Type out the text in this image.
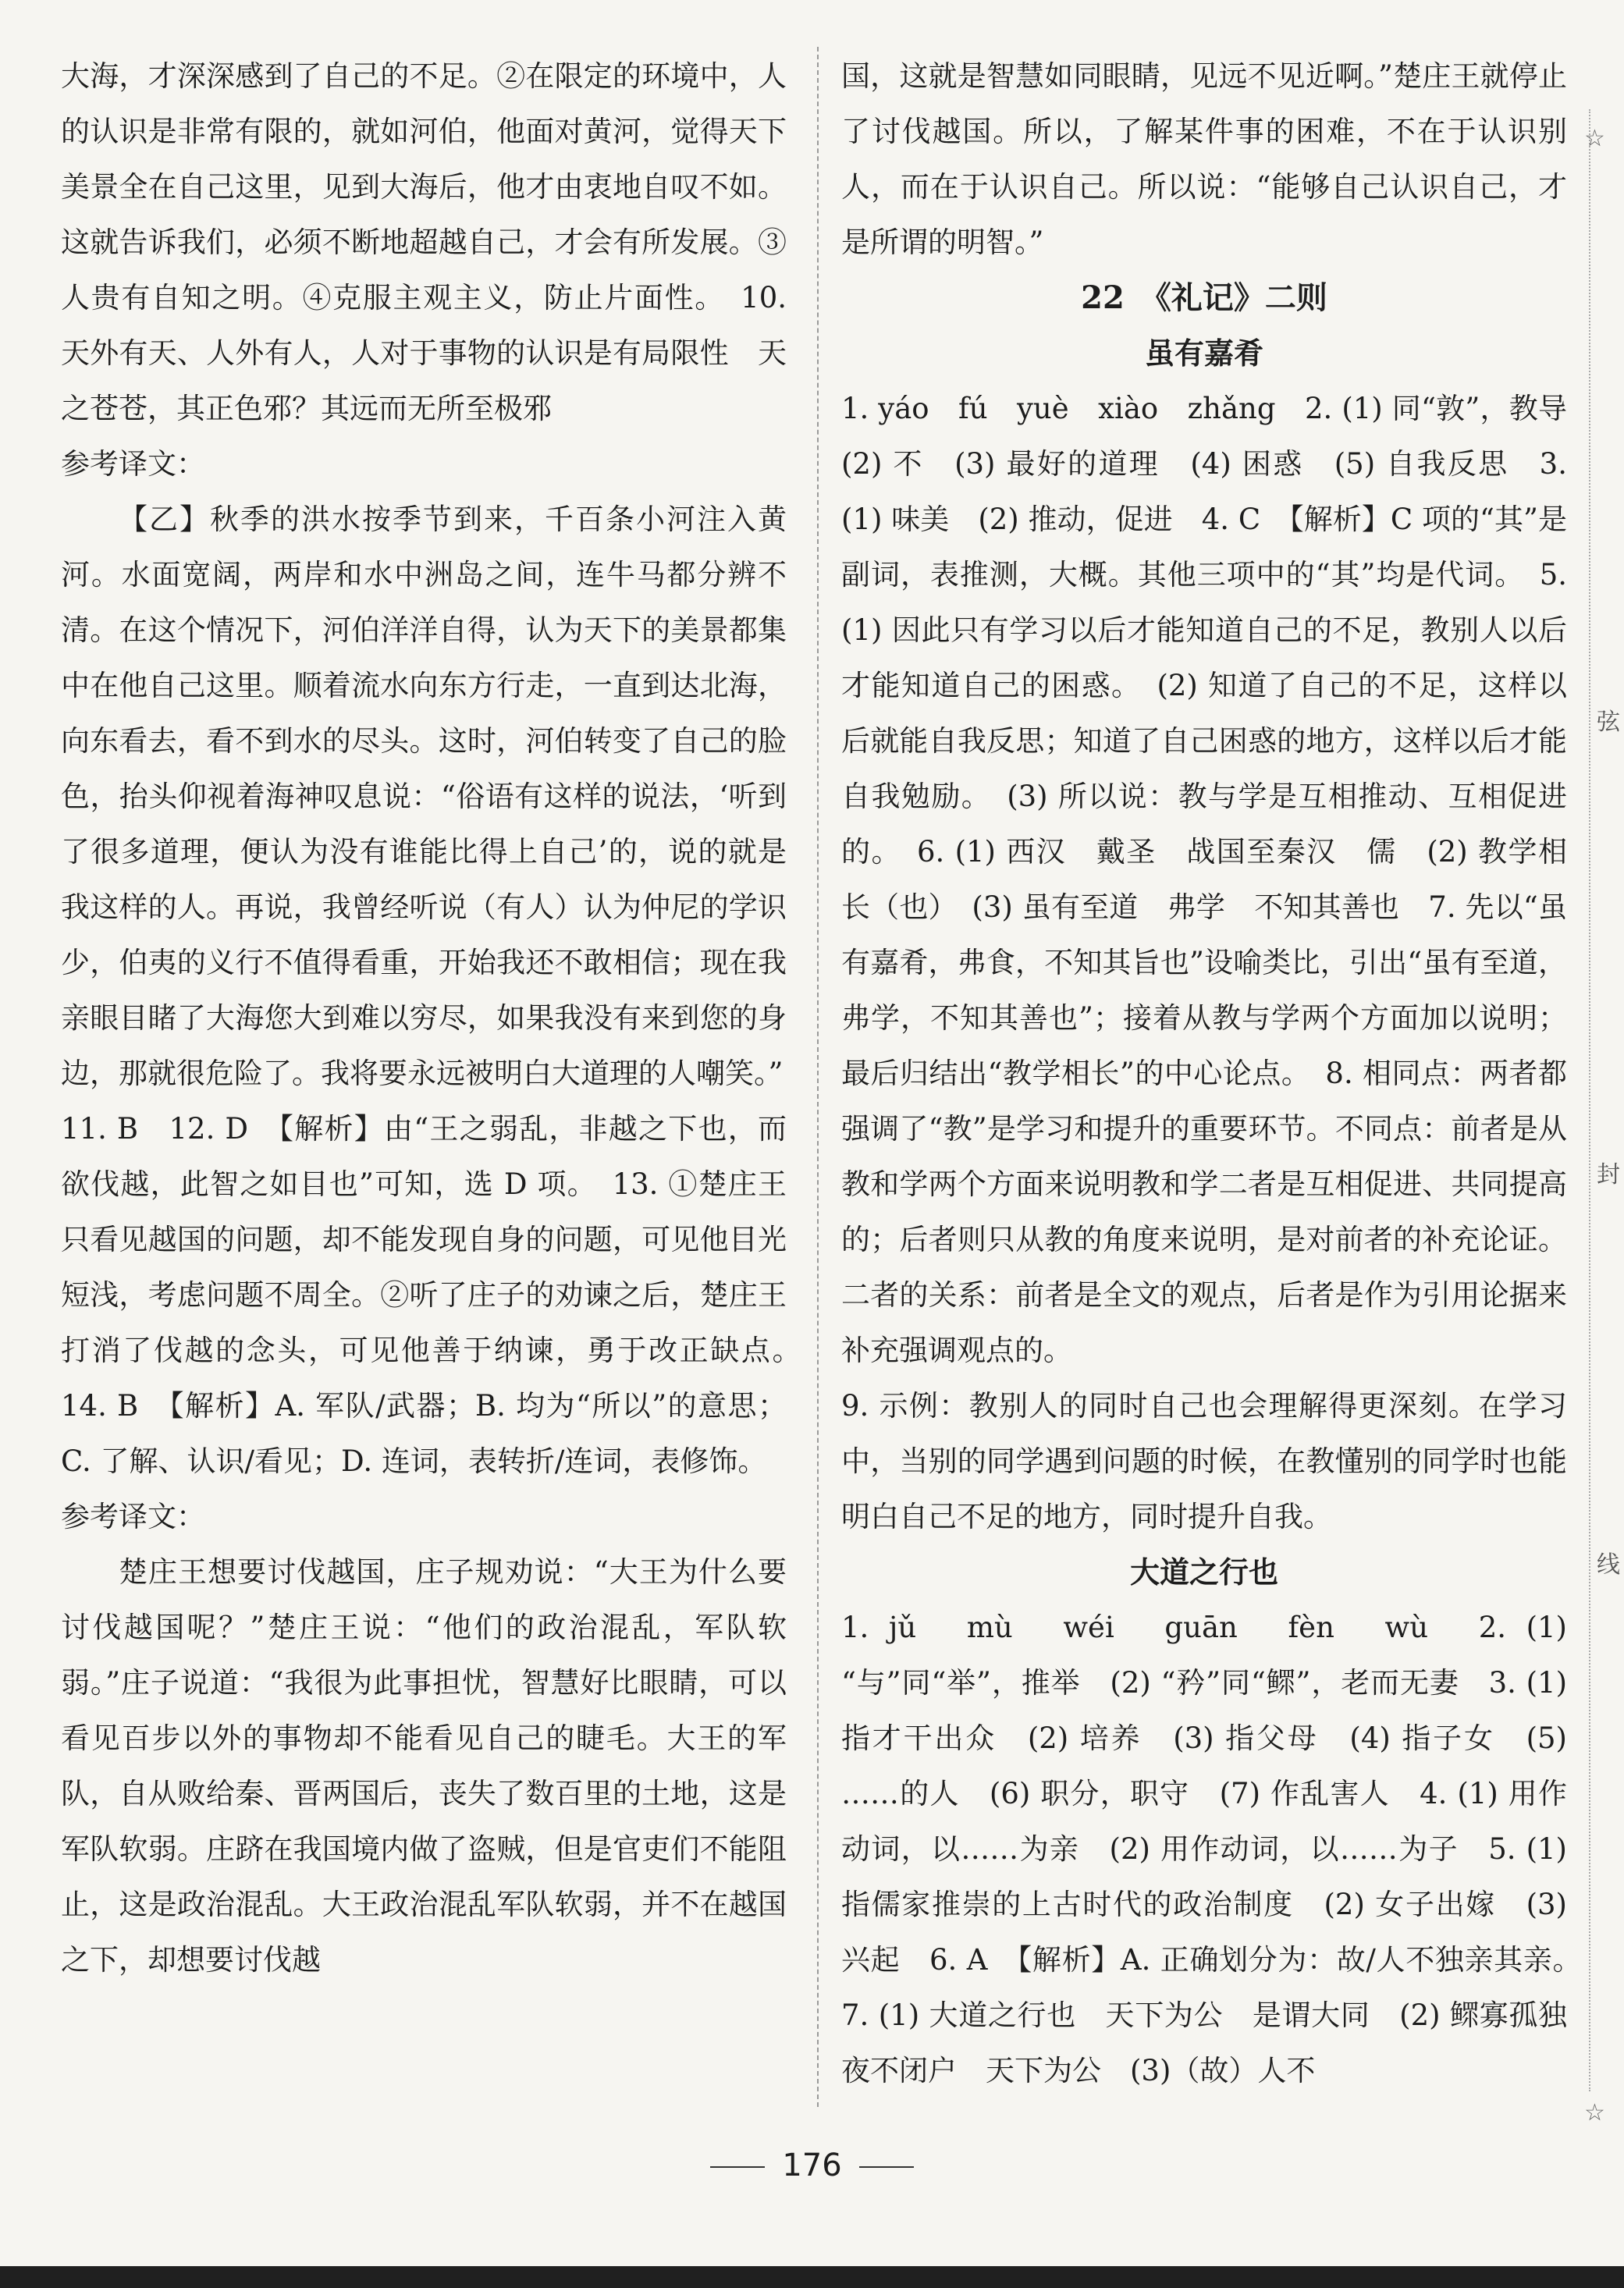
大海，才深深感到了自己的不足。②在限定的环境中，人的认识是非常有限的，就如河伯，他面对黄河，觉得天下美景全在自己这里，见到大海后，他才由衷地自叹不如。这就告诉我们，必须不断地超越自己，才会有所发展。③人贵有自知之明。④克服主观主义，防止片面性。　10. 天外有天、人外有人，人对于事物的认识是有局限性　天之苍苍，其正色邪？其远而无所至极邪

参考译文：

【乙】秋季的洪水按季节到来，千百条小河注入黄河。水面宽阔，两岸和水中洲岛之间，连牛马都分辨不清。在这个情况下，河伯洋洋自得，认为天下的美景都集中在他自己这里。顺着流水向东方行走，一直到达北海，向东看去，看不到水的尽头。这时，河伯转变了自己的脸色，抬头仰视着海神叹息说：“俗语有这样的说法，‘听到了很多道理，便认为没有谁能比得上自己’的，说的就是我这样的人。再说，我曾经听说（有人）认为仲尼的学识少，伯夷的义行不值得看重，开始我还不敢相信；现在我亲眼目睹了大海您大到难以穷尽，如果我没有来到您的身边，那就很危险了。我将要永远被明白大道理的人嘲笑。”

11. B　12. D　【解析】由“王之弱乱，非越之下也，而欲伐越，此智之如目也”可知，选 D 项。　13. ①楚庄王只看见越国的问题，却不能发现自身的问题，可见他目光短浅，考虑问题不周全。②听了庄子的劝谏之后，楚庄王打消了伐越的念头，可见他善于纳谏，勇于改正缺点。　14. B　【解析】A. 军队/武器；B. 均为“所以”的意思；C. 了解、认识/看见；D. 连词，表转折/连词，表修饰。

参考译文：

楚庄王想要讨伐越国，庄子规劝说：“大王为什么要讨伐越国呢？”楚庄王说：“他们的政治混乱，军队软弱。”庄子说道：“我很为此事担忧，智慧好比眼睛，可以看见百步以外的事物却不能看见自己的睫毛。大王的军队，自从败给秦、晋两国后，丧失了数百里的土地，这是军队软弱。庄跻在我国境内做了盗贼，但是官吏们不能阻止，这是政治混乱。大王政治混乱军队软弱，并不在越国之下，却想要讨伐越

国，这就是智慧如同眼睛，见远不见近啊。”楚庄王就停止了讨伐越国。所以，了解某件事的困难，不在于认识别人，而在于认识自己。所以说：“能够自己认识自己，才是所谓的明智。”

22　《礼记》二则

虽有嘉肴

1. yáo　fú　yuè　xiào　zhǎng　2. (1) 同“敦”，教导　(2) 不　(3) 最好的道理　(4) 困惑　(5) 自我反思　3. (1) 味美　(2) 推动，促进　4. C　【解析】C 项的“其”是副词，表推测，大概。其他三项中的“其”均是代词。　5. (1) 因此只有学习以后才能知道自己的不足，教别人以后才能知道自己的困惑。　(2) 知道了自己的不足，这样以后就能自我反思；知道了自己困惑的地方，这样以后才能自我勉励。　(3) 所以说：教与学是互相推动、互相促进的。　6. (1) 西汉　戴圣　战国至秦汉　儒　(2) 教学相长（也）　(3) 虽有至道　弗学　不知其善也　7. 先以“虽有嘉肴，弗食，不知其旨也”设喻类比，引出“虽有至道，弗学，不知其善也”；接着从教与学两个方面加以说明；最后归结出“教学相长”的中心论点。　8. 相同点：两者都强调了“教”是学习和提升的重要环节。不同点：前者是从教和学两个方面来说明教和学二者是互相促进、共同提高的；后者则只从教的角度来说明，是对前者的补充论证。二者的关系：前者是全文的观点，后者是作为引用论据来补充强调观点的。

9. 示例：教别人的同时自己也会理解得更深刻。在学习中，当别的同学遇到问题的时候，在教懂别的同学时也能明白自己不足的地方，同时提升自我。

大道之行也

1. jǔ　mù　wéi　guān　fèn　wù　2. (1) “与”同“举”，推举　(2) “矜”同“鳏”，老而无妻　3. (1) 指才干出众　(2) 培养　(3) 指父母　(4) 指子女　(5) ……的人　(6) 职分，职守　(7) 作乱害人　4. (1) 用作动词，以……为亲　(2) 用作动词，以……为子　5. (1) 指儒家推崇的上古时代的政治制度　(2) 女子出嫁　(3) 兴起　6. A　【解析】A. 正确划分为：故/人不独亲其亲。　7. (1) 大道之行也　天下为公　是谓大同　(2) 鳏寡孤独　夜不闭户　天下为公　(3)（故）人不

☆
弦
封
线
☆
176
